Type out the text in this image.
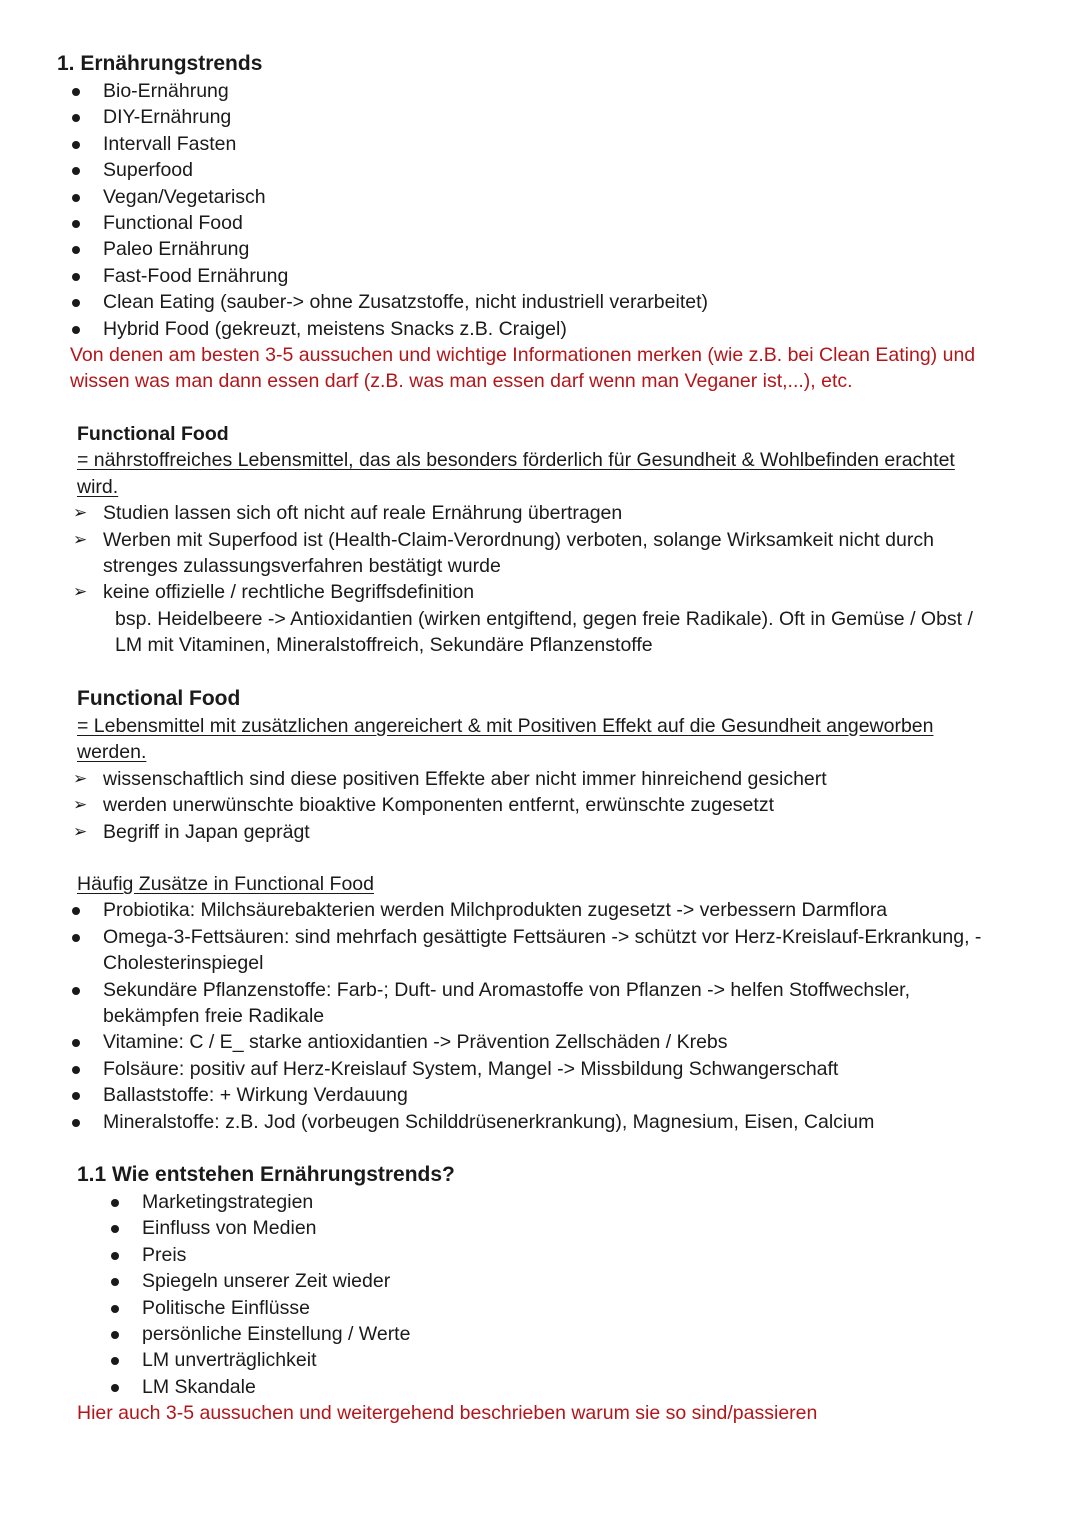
1. Ernährungstrends
Bio-Ernährung
DIY-Ernährung
Intervall Fasten
Superfood
Vegan/Vegetarisch
Functional Food
Paleo Ernährung
Fast-Food Ernährung
Clean Eating (sauber-> ohne Zusatzstoffe, nicht industriell verarbeitet)
Hybrid Food (gekreuzt, meistens Snacks z.B. Craigel)

Von denen am besten 3-5 aussuchen und wichtige Informationen merken (wie z.B. bei Clean Eating) und wissen was man dann essen darf (z.B. was man essen darf wenn man Veganer ist,...), etc.

Functional Food

= nährstoffreiches Lebensmittel, das als besonders förderlich für Gesundheit & Wohlbefinden erachtet wird.

➢ Studien lassen sich oft nicht auf reale Ernährung übertragen
➢ Werben mit Superfood ist (Health-Claim-Verordnung) verboten, solange Wirksamkeit nicht durch strenges zulassungsverfahren bestätigt wurde
➢ keine offizielle / rechtliche Begriffsdefinition

bsp. Heidelbeere -> Antioxidantien (wirken entgiftend, gegen freie Radikale). Oft in Gemüse / Obst / LM mit Vitaminen, Mineralstoffreich, Sekundäre Pflanzenstoffe

Functional Food

= Lebensmittel mit zusätzlichen angereichert & mit Positiven Effekt auf die Gesundheit angeworben werden.

➢ wissenschaftlich sind diese positiven Effekte aber nicht immer hinreichend gesichert
➢ werden unerwünschte bioaktive Komponenten entfernt, erwünschte zugesetzt
➢ Begriff in Japan geprägt

Häufig Zusätze in Functional Food

Probiotika: Milchsäurebakterien werden Milchprodukten zugesetzt -> verbessern Darmflora
Omega-3-Fettsäuren: sind mehrfach gesättigte Fettsäuren -> schützt vor Herz-Kreislauf-Erkrankung, -Cholesterinspiegel
Sekundäre Pflanzenstoffe: Farb-; Duft- und Aromastoffe von Pflanzen -> helfen Stoffwechsler, bekämpfen freie Radikale
Vitamine: C / E_ starke antioxidantien -> Prävention Zellschäden / Krebs
Folsäure: positiv auf Herz-Kreislauf System, Mangel -> Missbildung Schwangerschaft
Ballaststoffe: + Wirkung Verdauung
Mineralstoffe: z.B. Jod (vorbeugen Schilddrüsenerkrankung), Magnesium, Eisen, Calcium
1.1 Wie entstehen Ernährungstrends?
Marketingstrategien
Einfluss von Medien
Preis
Spiegeln unserer Zeit wieder
Politische Einflüsse
persönliche Einstellung / Werte
LM unverträglichkeit
LM Skandale

Hier auch 3-5 aussuchen und weitergehend beschrieben warum sie so sind/passieren
